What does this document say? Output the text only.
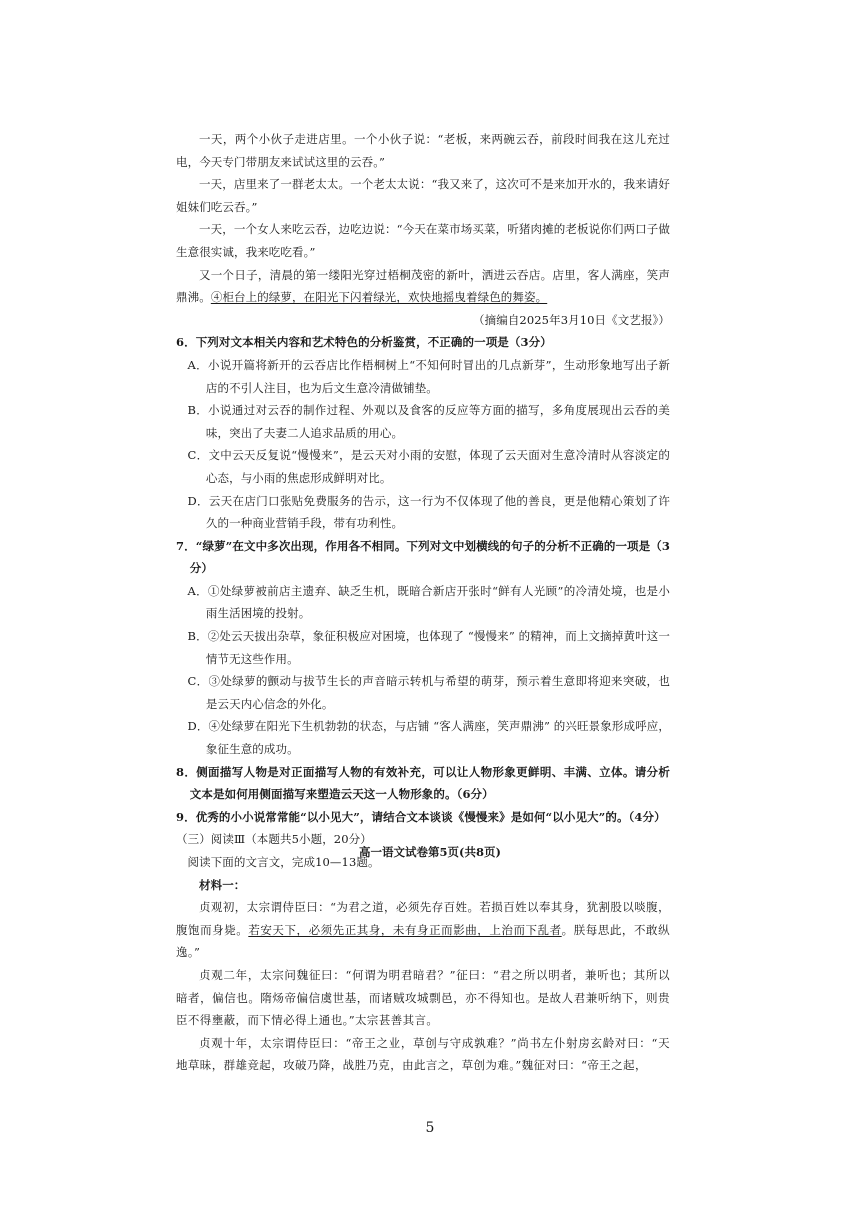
一天，两个小伙子走进店里。一个小伙子说：“老板，来两碗云吞，前段时间我在这儿充过电，今天专门带朋友来试试这里的云吞。”

一天，店里来了一群老太太。一个老太太说：“我又来了，这次可不是来加开水的，我来请好姐妹们吃云吞。”

一天，一个女人来吃云吞，边吃边说：“今天在菜市场买菜，听猪肉摊的老板说你们两口子做生意很实诚，我来吃吃看。”

又一个日子，清晨的第一缕阳光穿过梧桐茂密的新叶，洒进云吞店。店里，客人满座，笑声鼎沸。④柜台上的绿萝，在阳光下闪着绿光，欢快地摇曳着绿色的舞姿。

（摘编自2025年3月10日《文艺报》）

6．下列对文本相关内容和艺术特色的分析鉴赏，不正确的一项是（3分）

A．小说开篇将新开的云吞店比作梧桐树上“不知何时冒出的几点新芽”，生动形象地写出子新店的不引人注目，也为后文生意冷清做铺垫。

B．小说通过对云吞的制作过程、外观以及食客的反应等方面的描写，多角度展现出云吞的美味，突出了夫妻二人追求品质的用心。

C．文中云天反复说“慢慢来”，是云天对小雨的安慰，体现了云天面对生意冷清时从容淡定的心态，与小雨的焦虑形成鲜明对比。

D．云天在店门口张贴免费服务的告示，这一行为不仅体现了他的善良，更是他精心策划了许久的一种商业营销手段，带有功利性。

7．“绿萝”在文中多次出现，作用各不相同。下列对文中划横线的句子的分析不正确的一项是（3分）

A．①处绿萝被前店主遗弃、缺乏生机，既暗合新店开张时“鲜有人光顾”的冷清处境，也是小雨生活困境的投射。

B．②处云天拔出杂草，象征积极应对困境，也体现了 “慢慢来” 的精神，而上文摘掉黄叶这一情节无这些作用。

C．③处绿萝的颤动与拔节生长的声音暗示转机与希望的萌芽，预示着生意即将迎来突破，也是云天内心信念的外化。

D．④处绿萝在阳光下生机勃勃的状态，与店铺 “客人满座，笑声鼎沸” 的兴旺景象形成呼应，象征生意的成功。

8．侧面描写人物是对正面描写人物的有效补充，可以让人物形象更鲜明、丰满、立体。请分析文本是如何用侧面描写来塑造云天这一人物形象的。（6分）

9．优秀的小小说常常能“以小见大”，请结合文本谈谈《慢慢来》是如何“以小见大”的。（4分）

（三）阅读Ⅲ（本题共5小题，20分）

阅读下面的文言文，完成10—13题。

材料一：

贞观初，太宗谓侍臣曰：“为君之道，必须先存百姓。若损百姓以奉其身，犹割股以啖腹，腹饱而身毙。若安天下，必须先正其身，未有身正而影曲，上治而下乱者。朕每思此，不敢纵逸。”

贞观二年，太宗问魏征曰：“何谓为明君暗君？”征曰：“君之所以明者，兼听也；其所以暗者，偏信也。隋炀帝偏信虞世基，而诸贼攻城剽邑，亦不得知也。是故人君兼听纳下，则贵臣不得壅蔽，而下情必得上通也。”太宗甚善其言。

贞观十年，太宗谓侍臣曰：“帝王之业，草创与守成孰难？”尚书左仆射房玄龄对曰：“天地草昧，群雄竞起，攻破乃降，战胜乃克，由此言之，草创为难。”魏征对曰：“帝王之起，

高一语文试卷第5页(共8页)
5
